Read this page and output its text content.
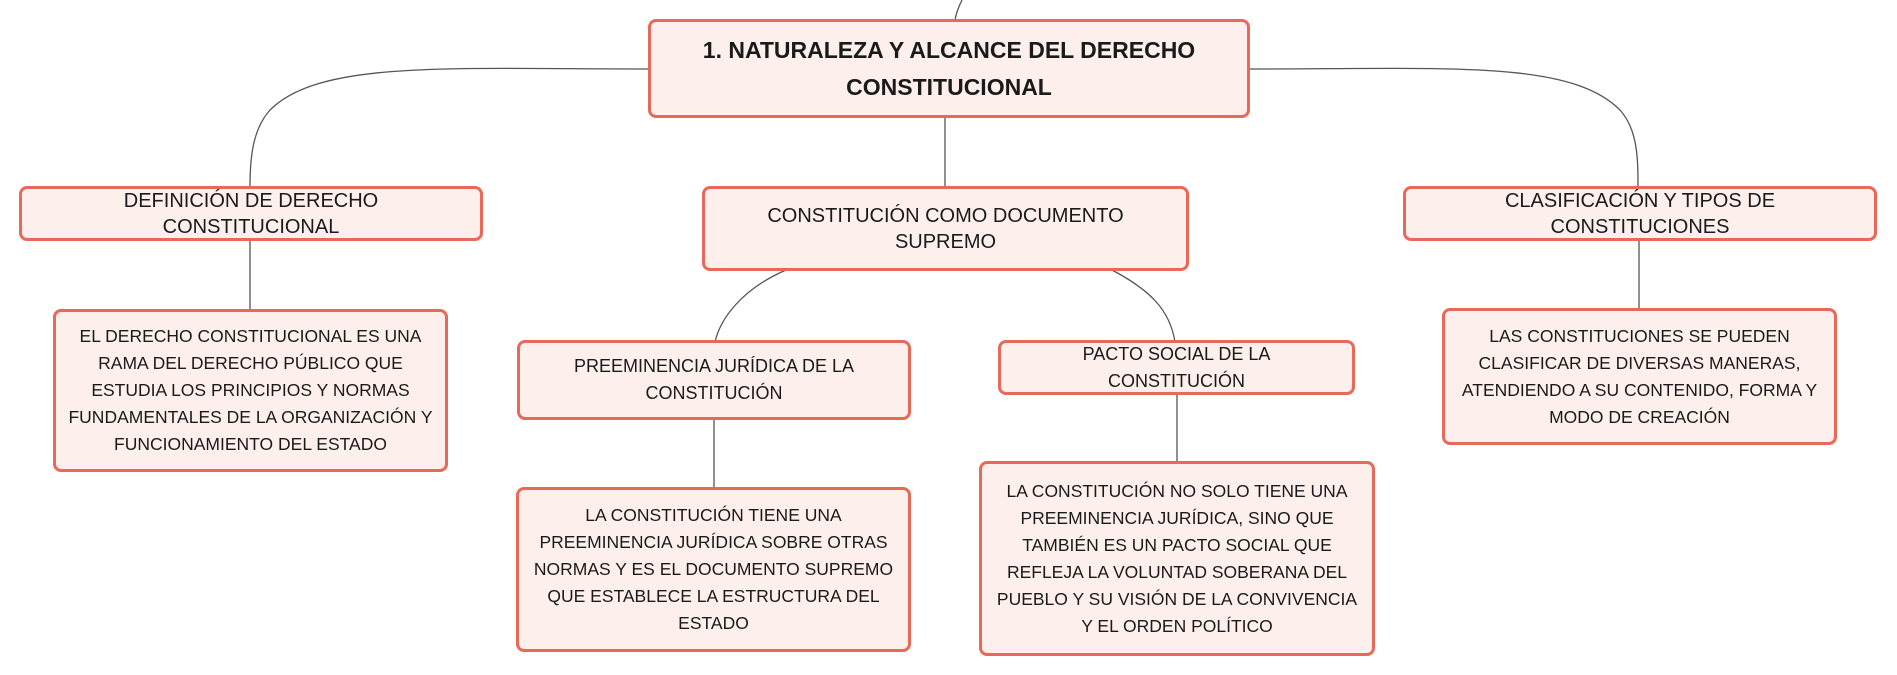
1. NATURALEZA Y ALCANCE DEL DERECHO CONSTITUCIONAL
DEFINICIÓN DE DERECHO CONSTITUCIONAL	CONSTITUCIÓN COMO DOCUMENTO SUPREMO
CLASIFICACIÓN Y TIPOS DE CONSTITUCIONES
EL DERECHO CONSTITUCIONAL ES UNA RAMA DEL DERECHO PÚBLICO QUE ESTUDIA LOS PRINCIPIOS Y NORMAS FUNDAMENTALES DE LA ORGANIZACIÓN Y FUNCIONAMIENTO DEL ESTADO
PREEMINENCIA JURÍDICA DE LA CONSTITUCIÓN
PACTO SOCIAL DE LA CONSTITUCIÓN
LAS CONSTITUCIONES SE PUEDEN CLASIFICAR DE DIVERSAS MANERAS, ATENDIENDO A SU CONTENIDO, FORMA Y MODO DE CREACIÓN
LA CONSTITUCIÓN TIENE UNA PREEMINENCIA JURÍDICA SOBRE OTRAS NORMAS Y ES EL DOCUMENTO SUPREMO QUE ESTABLECE LA ESTRUCTURA DEL ESTADO
LA CONSTITUCIÓN NO SOLO TIENE UNA PREEMINENCIA JURÍDICA, SINO QUE TAMBIÉN ES UN PACTO SOCIAL QUE REFLEJA LA VOLUNTAD SOBERANA DEL PUEBLO Y SU VISIÓN DE LA CONVIVENCIA Y EL ORDEN POLÍTICO
